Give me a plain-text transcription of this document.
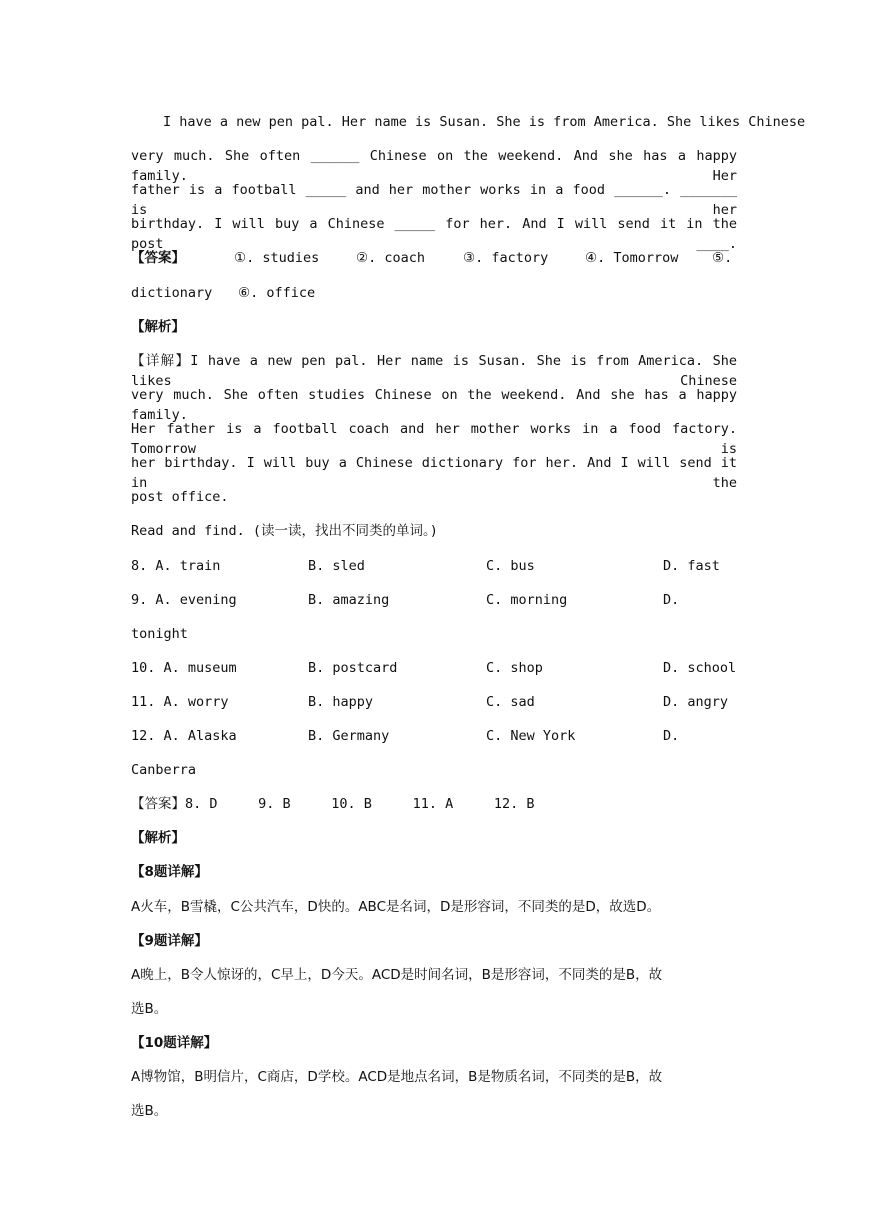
I have a new pen pal. Her name is Susan. She is from America. She likes Chinese
very much. She often ______ Chinese on the weekend. And she has a happy family. Her
father is a football _____ and her mother works in a food ______. _______ is her
birthday. I will buy a Chinese _____ for her. And I will send it in the post ____.
【答案】	①. studies	②. coach	③. factory	④. Tomorrow ⑤.
dictionary ⑥. office
【解析】
【详解】I have a new pen pal. Her name is Susan. She is from America. She likes Chinese
very much. She often studies Chinese on the weekend. And she has a happy family.
Her father is a football coach and her mother works in a food factory. Tomorrow is
her birthday. I will buy a Chinese dictionary for her. And I will send it in the
post office.
Read and find. (读一读，找出不同类的单词。)
8. A. train	B. sled	C. bus	D. fast
9. A. evening	B. amazing	C. morning	D.
tonight
10. A. museum	B. postcard	C. shop	D. school
11. A. worry	B. happy	C. sad	D. angry
12. A. Alaska	B. Germany	C. New York	D.
Canberra
【答案】8. D     9. B     10. B     11. A     12. B
【解析】
【8题详解】
A火车，B雪橇，C公共汽车，D快的。ABC是名词，D是形容词，不同类的是D，故选D。
【9题详解】
A晚上，B令人惊讶的，C早上，D今天。ACD是时间名词，B是形容词，不同类的是B，故
选B。
【10题详解】
A博物馆，B明信片，C商店，D学校。ACD是地点名词，B是物质名词，不同类的是B，故
选B。
